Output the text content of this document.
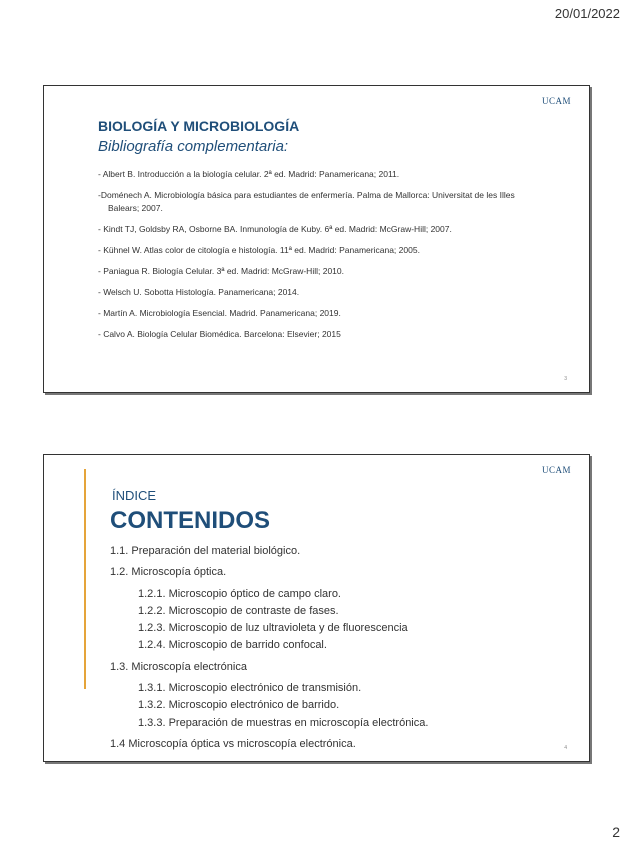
20/01/2022
UCAM
BIOLOGÍA Y MICROBIOLOGÍA
Bibliografía complementaria:
- Albert B. Introducción a la biología celular. 2ª ed. Madrid: Panamericana; 2011.
-Doménech A. Microbiología básica para estudiantes de enfermería. Palma de Mallorca: Universitat de les Illes Balears; 2007.
- Kindt TJ, Goldsby RA, Osborne BA. Inmunología de Kuby. 6ª ed. Madrid: McGraw-Hill; 2007.
- Kühnel W. Atlas color de citología e histología. 11ª ed. Madrid: Panamericana; 2005.
- Paniagua R. Biología Celular. 3ª ed. Madrid: McGraw-Hill; 2010.
- Welsch U. Sobotta Histología. Panamericana; 2014.
- Martín A. Microbiología Esencial. Madrid. Panamericana; 2019.
- Calvo A. Biología Celular Biomédica. Barcelona: Elsevier; 2015
3
UCAM
ÍNDICE
CONTENIDOS
1.1. Preparación del material biológico.
1.2. Microscopía óptica.
1.2.1. Microscopio óptico de campo claro.
1.2.2. Microscopio de contraste de fases.
1.2.3. Microscopio de luz ultravioleta y de fluorescencia
1.2.4. Microscopio de barrido confocal.
1.3. Microscopía electrónica
1.3.1. Microscopio electrónico de transmisión.
1.3.2. Microscopio electrónico de barrido.
1.3.3. Preparación de muestras en microscopía electrónica.
1.4 Microscopía óptica vs microscopía electrónica.	4
2
